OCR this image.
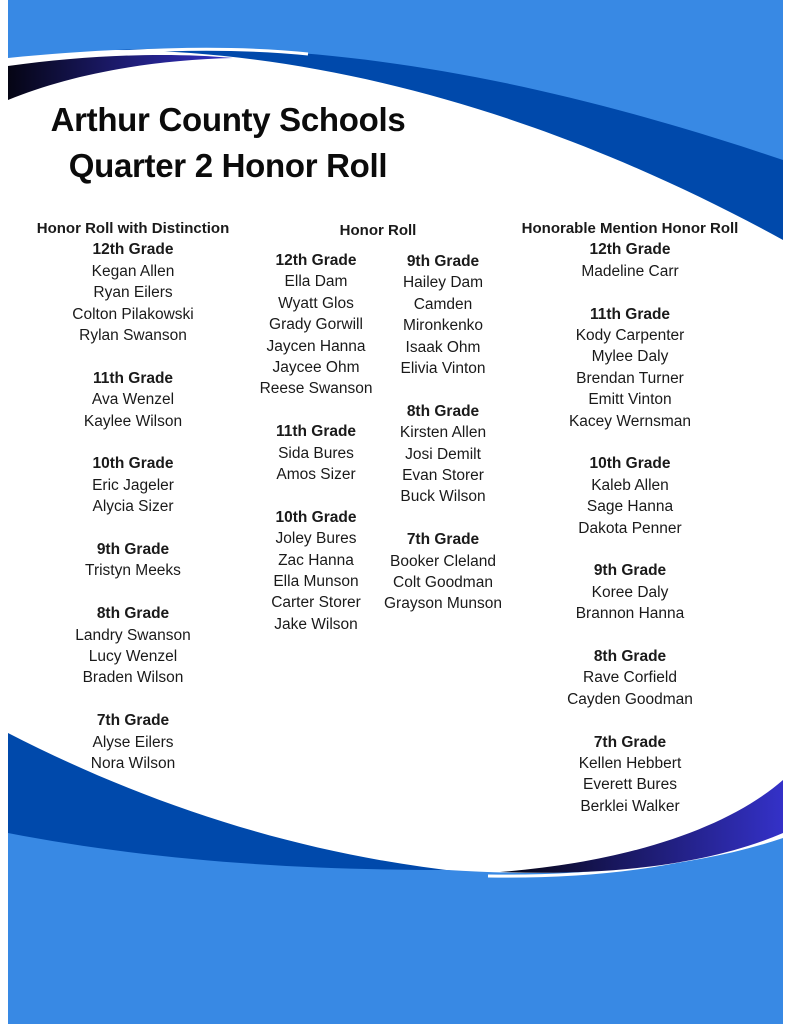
Arthur County Schools
Quarter 2 Honor Roll
Honor Roll with Distinction
12th Grade
Kegan Allen
Ryan Eilers
Colton Pilakowski
Rylan Swanson
11th Grade
Ava Wenzel
Kaylee Wilson
10th Grade
Eric Jageler
Alycia Sizer
9th Grade
Tristyn Meeks
8th Grade
Landry Swanson
Lucy Wenzel
Braden Wilson
7th Grade
Alyse Eilers
Nora Wilson
Honor Roll
12th Grade
Ella Dam
Wyatt Glos
Grady Gorwill
Jaycen Hanna
Jaycee Ohm
Reese Swanson
11th Grade
Sida Bures
Amos Sizer
10th Grade
Joley Bures
Zac Hanna
Ella Munson
Carter Storer
Jake Wilson
9th Grade
Hailey Dam
Camden
Mironkenko
Isaak Ohm
Elivia Vinton
8th Grade
Kirsten Allen
Josi Demilt
Evan Storer
Buck Wilson
7th Grade
Booker Cleland
Colt Goodman
Grayson Munson
Honorable Mention Honor Roll
12th Grade
Madeline Carr
11th Grade
Kody Carpenter
Mylee Daly
Brendan Turner
Emitt Vinton
Kacey Wernsman
10th Grade
Kaleb Allen
Sage Hanna
Dakota Penner
9th Grade
Koree Daly
Brannon Hanna
8th Grade
Rave Corfield
Cayden Goodman
7th Grade
Kellen Hebbert
Everett Bures
Berklei Walker
